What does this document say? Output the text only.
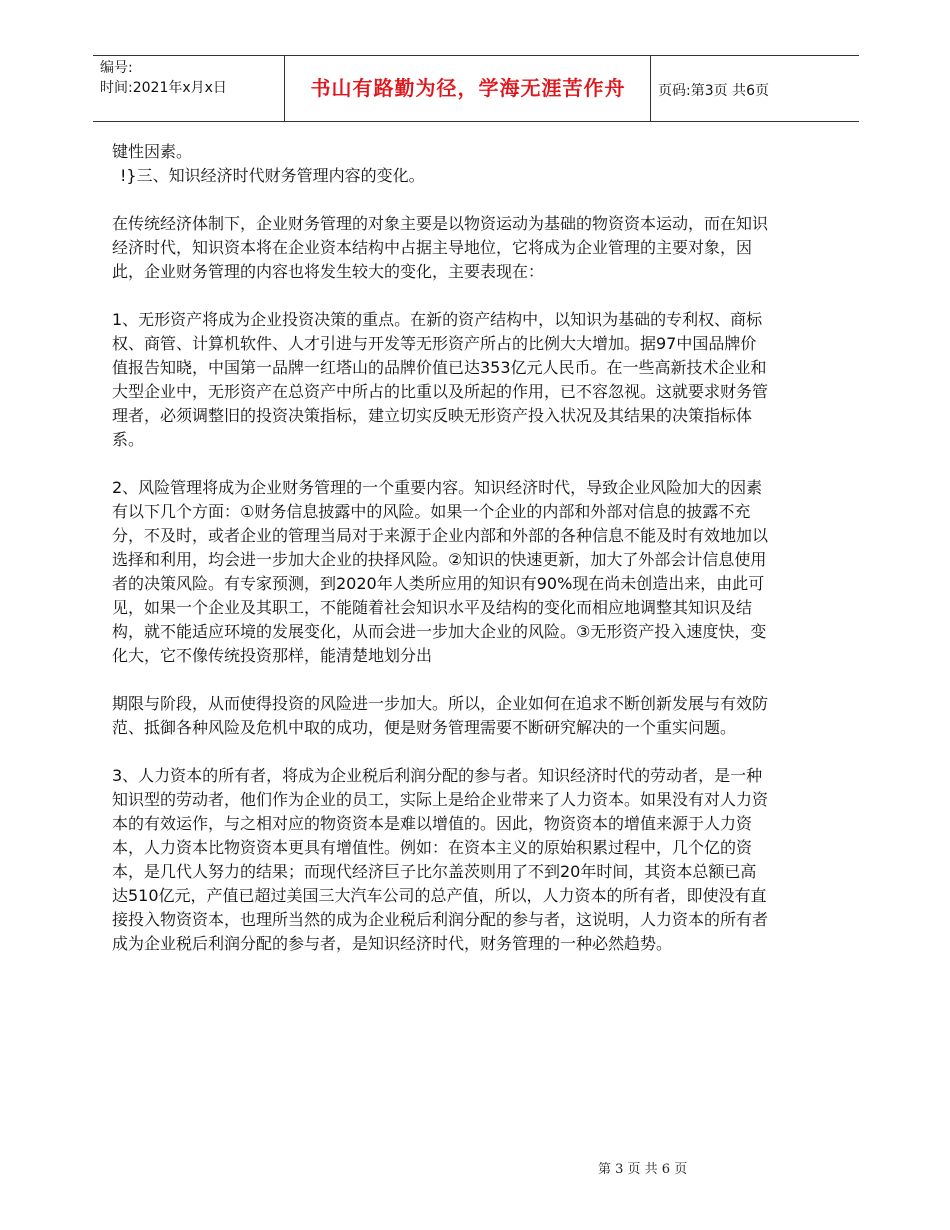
编号:
时间:2021年x月x日	书山有路勤为径，学海无涯苦作舟	页码:第3页 共6页

键性因素。

!}三、知识经济时代财务管理内容的变化。

在传统经济体制下，企业财务管理的对象主要是以物资运动为基础的物资资本运动，而在知识经济时代，知识资本将在企业资本结构中占据主导地位，它将成为企业管理的主要对象，因此，企业财务管理的内容也将发生较大的变化，主要表现在：

1、无形资产将成为企业投资决策的重点。在新的资产结构中，以知识为基础的专利权、商标权、商管、计算机软件、人才引进与开发等无形资产所占的比例大大增加。据97中国品牌价值报告知晓，中国第一品牌一红塔山的品牌价值已达353亿元人民币。在一些高新技术企业和大型企业中，无形资产在总资产中所占的比重以及所起的作用，已不容忽视。这就要求财务管理者，必须调整旧的投资决策指标，建立切实反映无形资产投入状况及其结果的决策指标体系。

2、风险管理将成为企业财务管理的一个重要内容。知识经济时代，导致企业风险加大的因素有以下几个方面：①财务信息披露中的风险。如果一个企业的内部和外部对信息的披露不充分，不及时，或者企业的管理当局对于来源于企业内部和外部的各种信息不能及时有效地加以选择和利用，均会进一步加大企业的抉择风险。②知识的快速更新，加大了外部会计信息使用者的决策风险。有专家预测，到2020年人类所应用的知识有90%现在尚未创造出来，由此可见，如果一个企业及其职工，不能随着社会知识水平及结构的变化而相应地调整其知识及结构，就不能适应环境的发展变化，从而会进一步加大企业的风险。③无形资产投入速度快，变化大，它不像传统投资那样，能清楚地划分出

期限与阶段，从而使得投资的风险进一步加大。所以，企业如何在追求不断创新发展与有效防范、抵御各种风险及危机中取的成功，便是财务管理需要不断研究解决的一个重实问题。

3、人力资本的所有者，将成为企业税后利润分配的参与者。知识经济时代的劳动者，是一种知识型的劳动者，他们作为企业的员工，实际上是给企业带来了人力资本。如果没有对人力资本的有效运作，与之相对应的物资资本是难以增值的。因此，物资资本的增值来源于人力资本，人力资本比物资资本更具有增值性。例如：在资本主义的原始积累过程中，几个亿的资本，是几代人努力的结果；而现代经济巨子比尔盖茨则用了不到20年时间，其资本总额已高达510亿元，产值已超过美国三大汽车公司的总产值，所以，人力资本的所有者，即使没有直接投入物资资本，也理所当然的成为企业税后利润分配的参与者，这说明，人力资本的所有者成为企业税后利润分配的参与者，是知识经济时代，财务管理的一种必然趋势。

第 3 页 共 6 页
